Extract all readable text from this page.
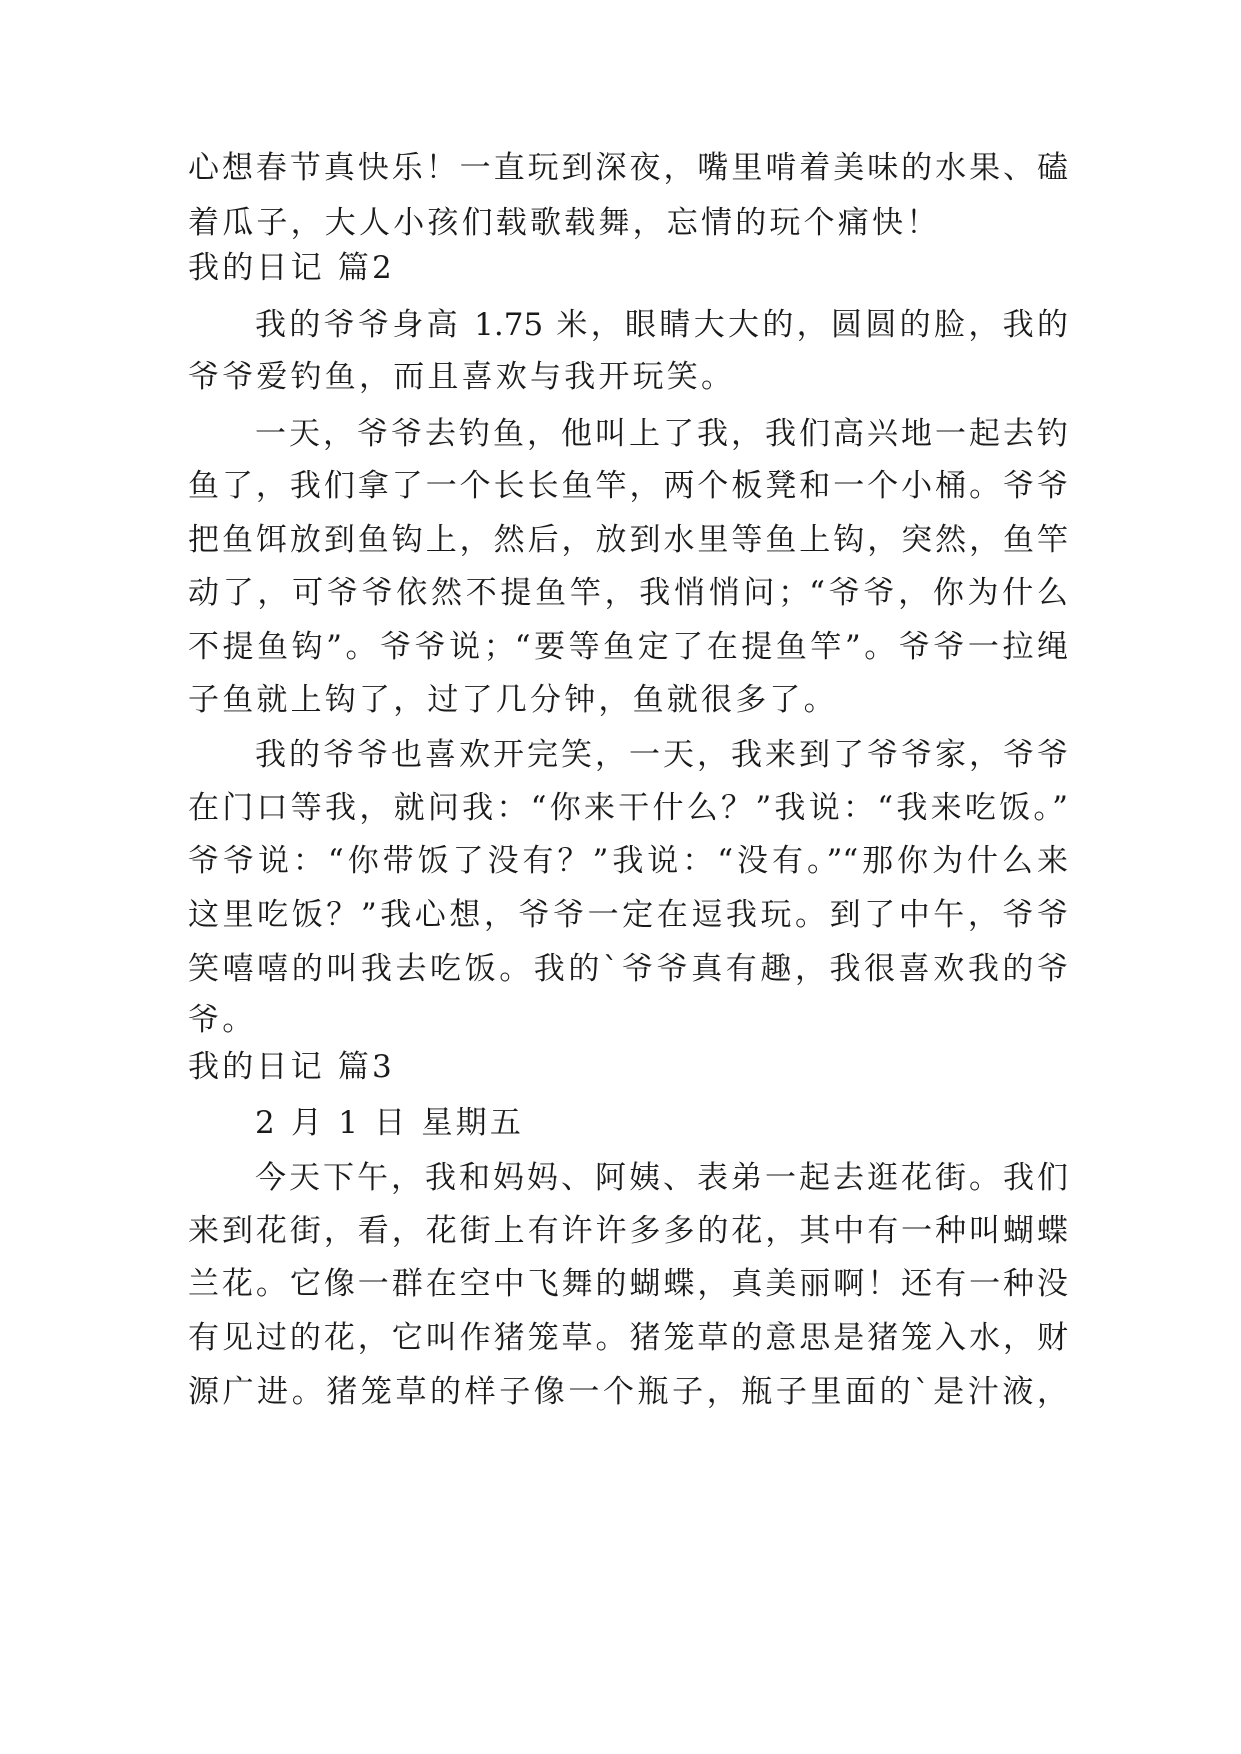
心想春节真快乐！一直玩到深夜，嘴里啃着美味的水果、磕
着瓜子，大人小孩们载歌载舞，忘情的玩个痛快！
我的日记 篇2
我的爷爷身高 1.75 米，眼睛大大的，圆圆的脸，我的
爷爷爱钓鱼，而且喜欢与我开玩笑。
一天，爷爷去钓鱼，他叫上了我，我们高兴地一起去钓
鱼了，我们拿了一个长长鱼竿，两个板凳和一个小桶。爷爷
把鱼饵放到鱼钩上，然后，放到水里等鱼上钩，突然，鱼竿
动了，可爷爷依然不提鱼竿，我悄悄问；“爷爷，你为什么
不提鱼钩”。爷爷说；“要等鱼定了在提鱼竿”。爷爷一拉绳
子鱼就上钩了，过了几分钟，鱼就很多了。
我的爷爷也喜欢开完笑，一天，我来到了爷爷家，爷爷
在门口等我，就问我：“你来干什么？”我说：“我来吃饭。”
爷爷说：“你带饭了没有？”我说：“没有。”“那你为什么来
这里吃饭？”我心想，爷爷一定在逗我玩。到了中午，爷爷
笑嘻嘻的叫我去吃饭。我的`爷爷真有趣，我很喜欢我的爷
爷。
我的日记 篇3
2 月 1 日 星期五
今天下午，我和妈妈、阿姨、表弟一起去逛花街。我们
来到花街，看，花街上有许许多多的花，其中有一种叫蝴蝶
兰花。它像一群在空中飞舞的蝴蝶，真美丽啊！还有一种没
有见过的花，它叫作猪笼草。猪笼草的意思是猪笼入水，财
源广进。猪笼草的样子像一个瓶子，瓶子里面的`是汁液，
